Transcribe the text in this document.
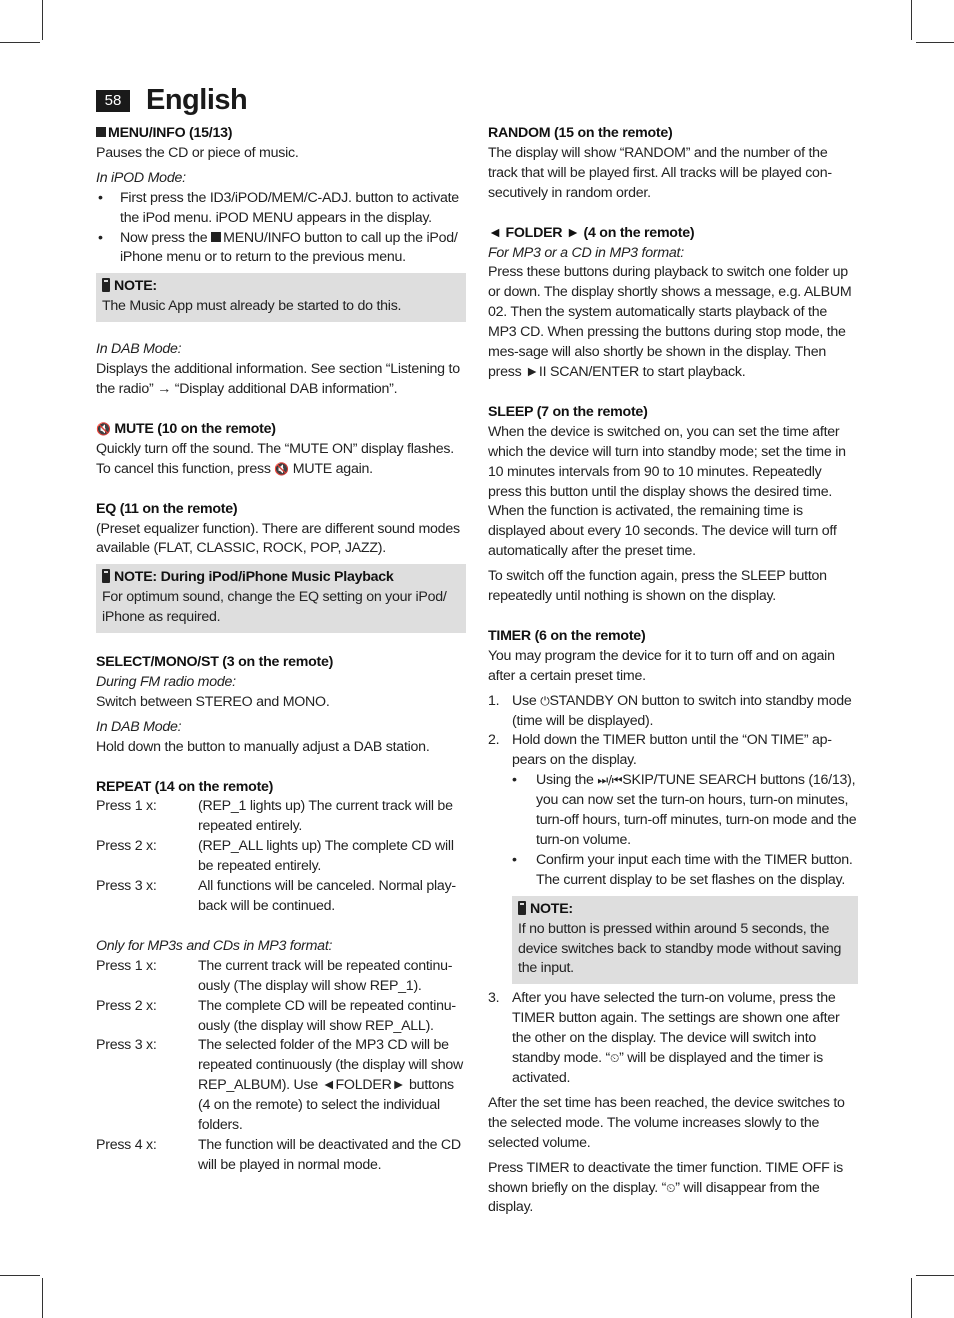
58 English

MENU/INFO (15/13)

Pauses the CD or piece of music.

In iPOD Mode:

• First press the ID3/iPOD/MEM/C-ADJ. button to activate the iPod menu. iPOD MENU appears in the display.
• Now press the MENU/INFO button to call up the iPod/ iPhone menu or to return to the previous menu.
NOTE:
The Music App must already be started to do this.

In DAB Mode:

Displays the additional information. See section “Listening to the radio” → “Display additional DAB information”.

🔇 MUTE (10 on the remote)

Quickly turn off the sound. The “MUTE ON” display flashes. To cancel this function, press 🔇 MUTE again.

EQ (11 on the remote)

(Preset equalizer function). There are different sound modes available (FLAT, CLASSIC, ROCK, POP, JAZZ).

NOTE: During iPod/iPhone Music Playback
For optimum sound, change the EQ setting on your iPod/ iPhone as required.

SELECT/MONO/ST (3 on the remote)

During FM radio mode:

Switch between STEREO and MONO.

In DAB Mode:

Hold down the button to manually adjust a DAB station.

REPEAT (14 on the remote)

Press 1 x:	(REP_1 lights up) The current track will be repeated entirely.
Press 2 x:	(REP_ALL lights up) The complete CD will be repeated entirely.
Press 3 x:	All functions will be canceled. Normal play-back will be continued.

Only for MP3s and CDs in MP3 format:

Press 1 x:	The current track will be repeated continu-ously (The display will show REP_1).
Press 2 x:	The complete CD will be repeated continu-ously (the display will show REP_ALL).
Press 3 x:	The selected folder of the MP3 CD will be repeated continuously (the display will show REP_ALBUM). Use ◄FOLDER► buttons (4 on the remote) to select the individual folders.
Press 4 x:	The function will be deactivated and the CD will be played in normal mode.

RANDOM (15 on the remote)

The display will show “RANDOM” and the number of the track that will be played first. All tracks will be played con-secutively in random order.

◄ FOLDER ► (4 on the remote)

For MP3 or a CD in MP3 format:

Press these buttons during playback to switch one folder up or down. The display shortly shows a message, e.g. ALBUM 02. Then the system automatically starts playback of the MP3 CD. When pressing the buttons during stop mode, the mes-sage will also shortly be shown in the display. Then press ►II SCAN/ENTER to start playback.

SLEEP (7 on the remote)

When the device is switched on, you can set the time after which the device will turn into standby mode; set the time in 10 minutes intervals from 90 to 10 minutes. Repeatedly press this button until the display shows the desired time. When the function is activated, the remaining time is displayed about every 10 seconds. The device will turn off automatically after the preset time.

To switch off the function again, press the SLEEP button repeatedly until nothing is shown on the display.

TIMER (6 on the remote)

You may program the device for it to turn off and on again after a certain preset time.

1. Use ⏻STANDBY ON button to switch into standby mode (time will be displayed).
2. Hold down the TIMER button until the “ON TIME” ap-pears on the display.
• Using the ⏭/⏮SKIP/TUNE SEARCH buttons (16/13), you can now set the turn-on hours, turn-on minutes, turn-off hours, turn-off minutes, turn-on mode and the turn-on volume.
• Confirm your input each time with the TIMER button. The current display to be set flashes on the display.
NOTE:
If no button is pressed within around 5 seconds, the device switches back to standby mode without saving the input.
3. After you have selected the turn-on volume, press the TIMER button again. The settings are shown one after the other on the display. The device will switch into standby mode. “⏲” will be displayed and the timer is activated.

After the set time has been reached, the device switches to the selected mode. The volume increases slowly to the selected volume.

Press TIMER to deactivate the timer function. TIME OFF is shown briefly on the display. “⏲” will disappear from the display.
